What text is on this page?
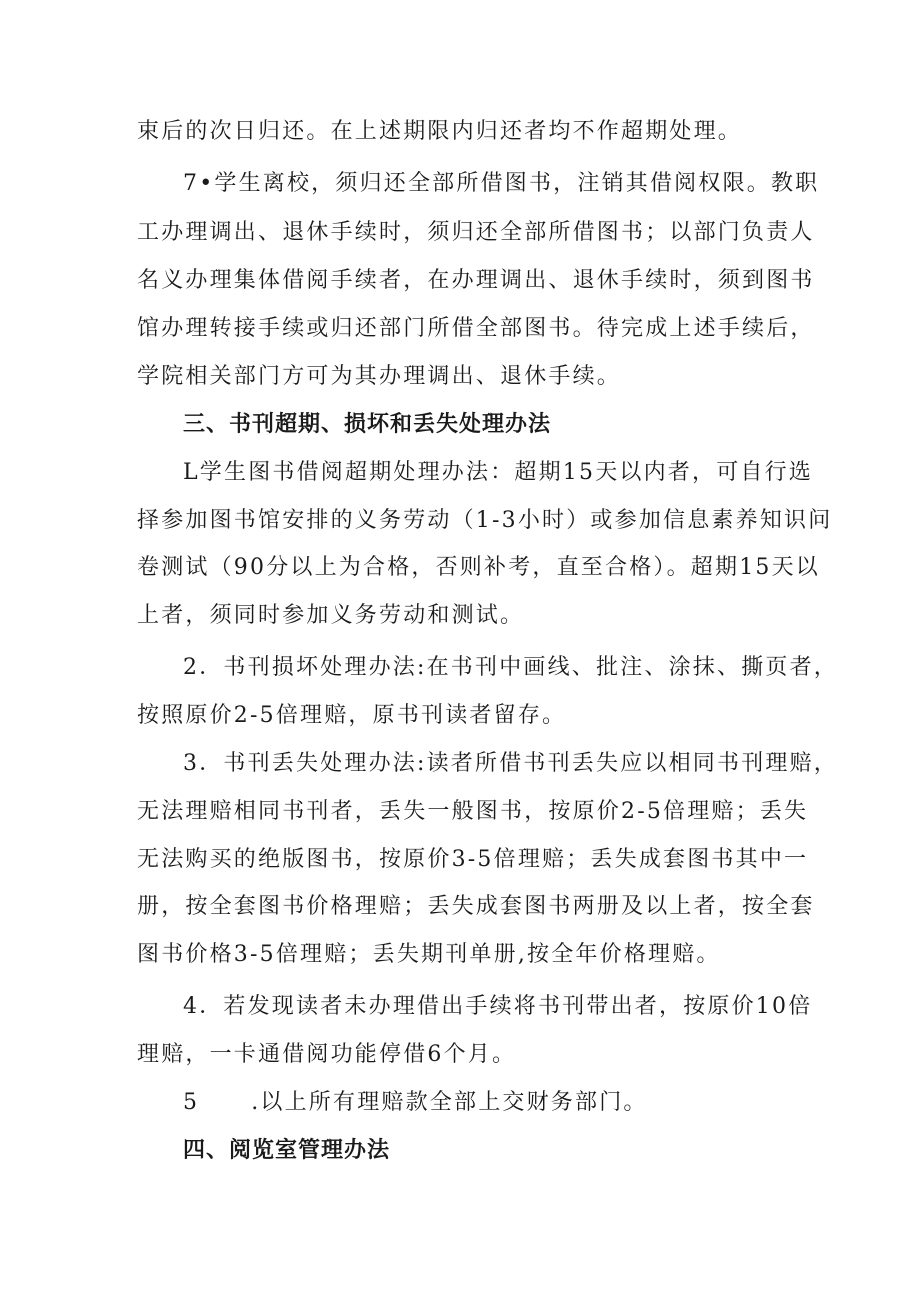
束后的次日归还。在上述期限内归还者均不作超期处理。
7•学生离校，须归还全部所借图书，注销其借阅权限。教职
工办理调出、退休手续时，须归还全部所借图书；以部门负责人
名义办理集体借阅手续者，在办理调出、退休手续时，须到图书
馆办理转接手续或归还部门所借全部图书。待完成上述手续后，
学院相关部门方可为其办理调出、退休手续。
三、书刊超期、损坏和丢失处理办法
L学生图书借阅超期处理办法：超期15天以内者，可自行选
择参加图书馆安排的义务劳动（1-3小时）或参加信息素养知识问
卷测试（90分以上为合格，否则补考，直至合格）。超期15天以
上者，须同时参加义务劳动和测试。
2．书刊损坏处理办法:在书刊中画线、批注、涂抹、撕页者，
按照原价2-5倍理赔，原书刊读者留存。
3．书刊丢失处理办法:读者所借书刊丢失应以相同书刊理赔，
无法理赔相同书刊者，丢失一般图书，按原价2-5倍理赔；丢失
无法购买的绝版图书，按原价3-5倍理赔；丢失成套图书其中一
册，按全套图书价格理赔；丢失成套图书两册及以上者，按全套
图书价格3-5倍理赔；丢失期刊单册,按全年价格理赔。
4．若发现读者未办理借出手续将书刊带出者，按原价10倍
理赔，一卡通借阅功能停借6个月。
5 .以上所有理赔款全部上交财务部门。
四、阅览室管理办法
